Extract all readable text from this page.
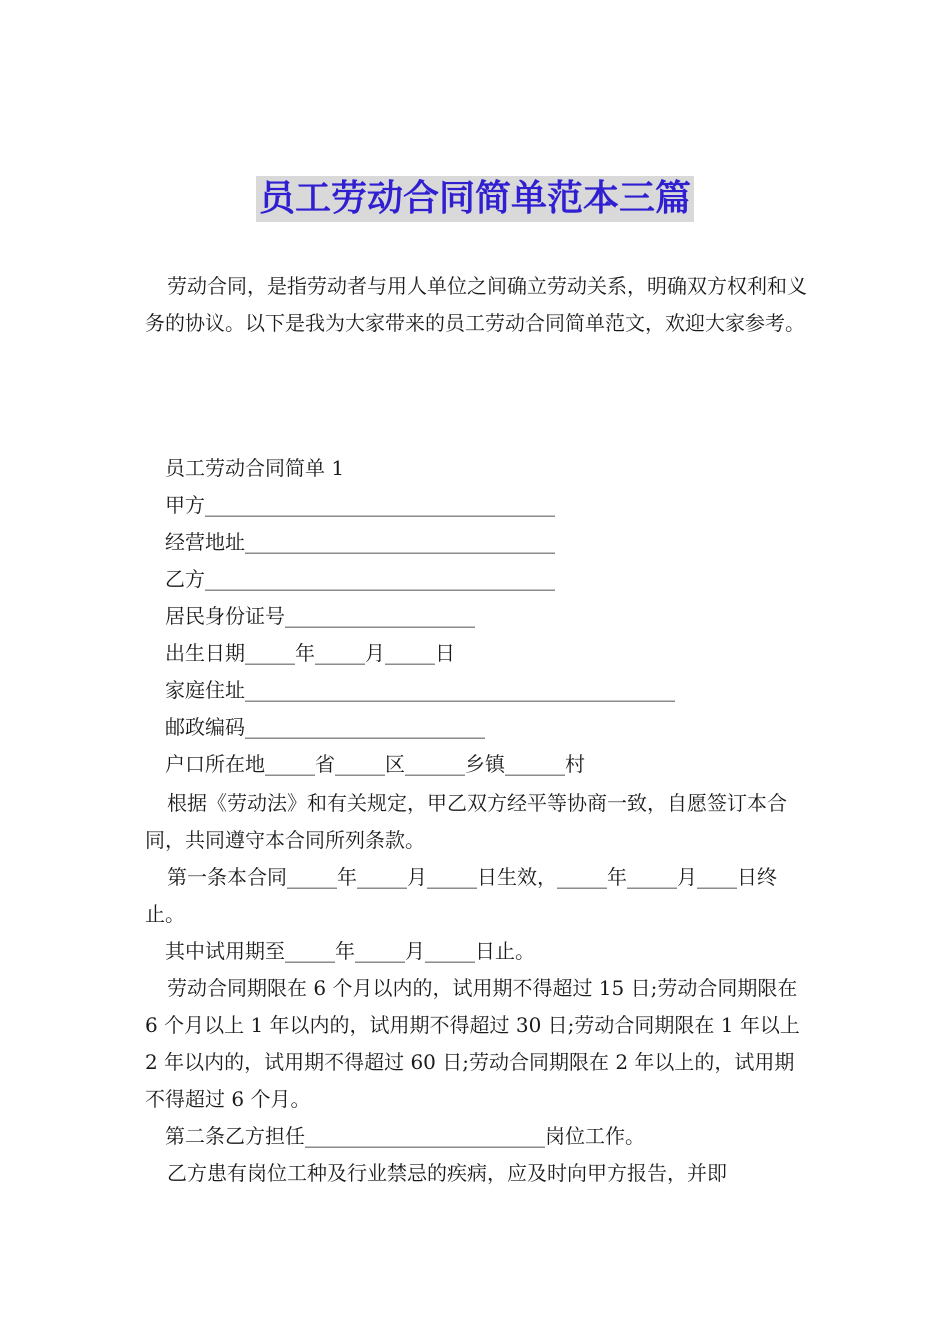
员工劳动合同简单范本三篇
劳动合同，是指劳动者与用人单位之间确立劳动关系，明确双方权利和义务的协议。以下是我为大家带来的员工劳动合同简单范文，欢迎大家参考。
员工劳动合同简单 1
甲方___________________________________
经营地址_______________________________
乙方___________________________________
居民身份证号___________________
出生日期_____年_____月_____日
家庭住址___________________________________________
邮政编码________________________
户口所在地_____省_____区______乡镇______村
根据《劳动法》和有关规定，甲乙双方经平等协商一致，自愿签订本合同，共同遵守本合同所列条款。
第一条本合同_____年_____月_____日生效，_____年_____月____日终止。
其中试用期至_____年_____月_____日止。
劳动合同期限在 6 个月以内的，试用期不得超过 15 日;劳动合同期限在 6 个月以上 1 年以内的，试用期不得超过 30 日;劳动合同期限在 1 年以上 2 年以内的，试用期不得超过 60 日;劳动合同期限在 2 年以上的，试用期不得超过 6 个月。
第二条乙方担任________________________岗位工作。
乙方患有岗位工种及行业禁忌的疾病，应及时向甲方报告，并即
